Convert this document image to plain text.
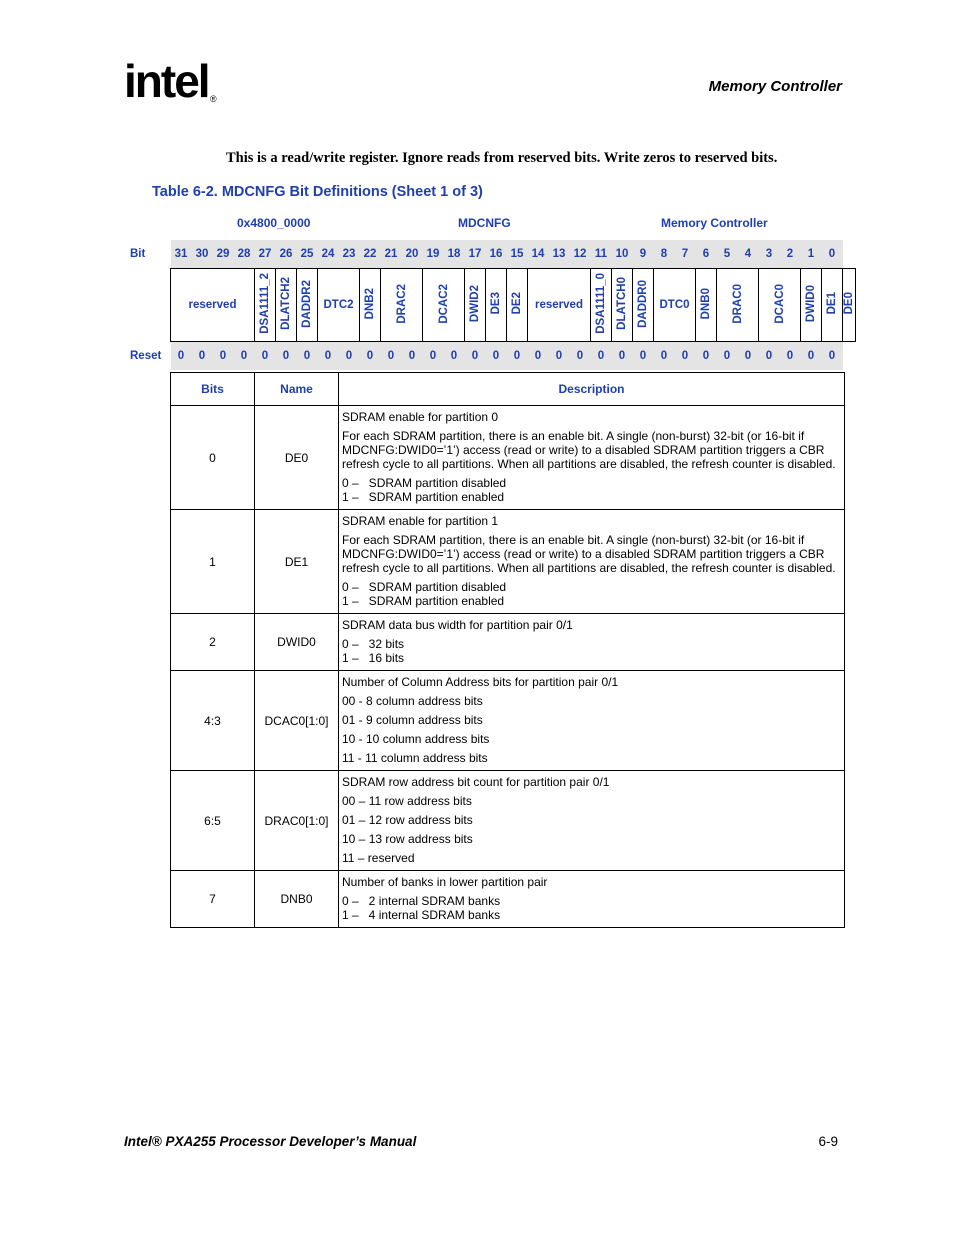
intel ®
Memory Controller
This is a read/write register. Ignore reads from reserved bits. Write zeros to reserved bits.
Table 6-2. MDCNFG Bit Definitions (Sheet 1 of 3)
0x4800_0000	MDCNFG	Memory Controller
Bit	31	30	29	28	27	26	25	24	23	22	21	20	19	18	17	16	15	14	13	12	11	10	9	8	7	6	5	4	3	2	1	0	
	reserved				DSA1111_2	DLATCH2	DADDR2	DTC2		DNB2	DRAC2		DCAC2		DWID2	DE3	DE2	reserved			DSA1111_0	DLATCH0	DADDR0	DTC0		DNB0	DRAC0		DCAC0		DWID0	DE1	DE0
Reset	0	0	0	0	0	0	0	0	0	0	0	0	0	0	0	0	0	0	0	0	0	0	0	0	0	0	0	0	0	0	0	0	
Bits	Name	Description
0	DE0	SDRAM enable for partition 0

For each SDRAM partition, there is an enable bit. A single (non-burst) 32-bit (or 16-bit if MDCNFG:DWID0=’1’) access (read or write) to a disabled SDRAM partition triggers a CBR refresh cycle to all partitions. When all partitions are disabled, the refresh counter is disabled.

0 –   SDRAM partition disabled
1 –   SDRAM partition enabled

1	DE1	SDRAM enable for partition 1

For each SDRAM partition, there is an enable bit. A single (non-burst) 32-bit (or 16-bit if MDCNFG:DWID0=’1’) access (read or write) to a disabled SDRAM partition triggers a CBR refresh cycle to all partitions. When all partitions are disabled, the refresh counter is disabled.

0 –   SDRAM partition disabled
1 –   SDRAM partition enabled

2	DWID0	SDRAM data bus width for partition pair 0/1

0 –   32 bits
1 –   16 bits

4:3	DCAC0[1:0]	Number of Column Address bits for partition pair 0/1

00 - 8 column address bits

01 - 9 column address bits

10 - 10 column address bits

11 - 11 column address bits

6:5	DRAC0[1:0]	SDRAM row address bit count for partition pair 0/1

00 – 11 row address bits

01 – 12 row address bits

10 – 13 row address bits

11 – reserved

7	DNB0	Number of banks in lower partition pair

0 –   2 internal SDRAM banks
1 –   4 internal SDRAM banks

Intel® PXA255 Processor Developer’s Manual	6-9
